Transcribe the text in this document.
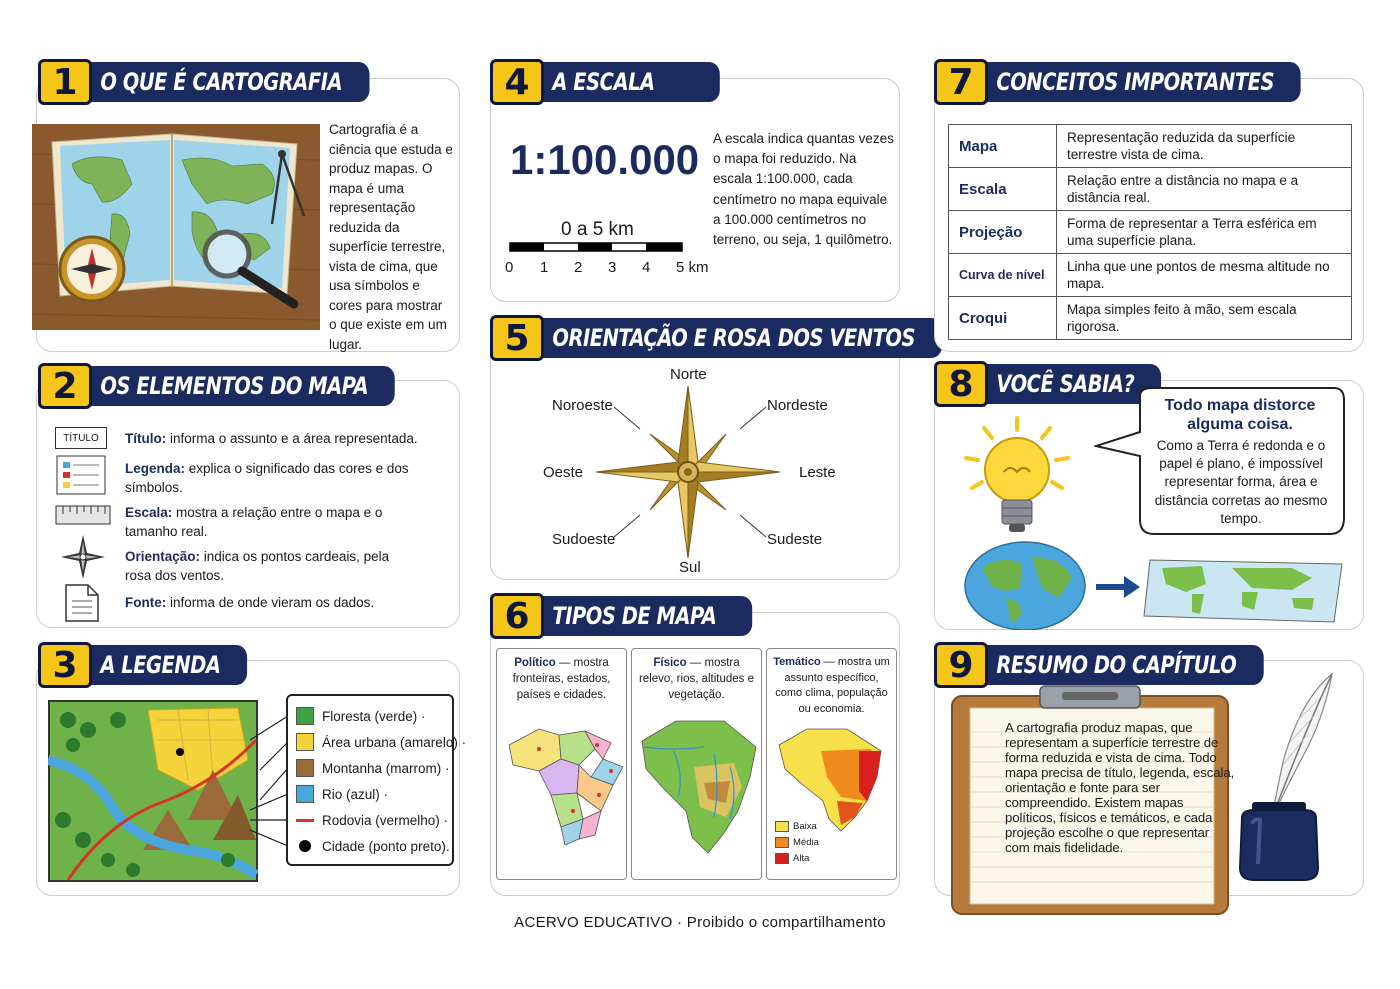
1 O QUE É CARTOGRAFIA
Cartografia é a ciência que estuda e produz mapas. O mapa é uma representação reduzida da superfície terrestre, vista de cima, que usa símbolos e cores para mostrar o que existe em um lugar.
2 OS ELEMENTOS DO MAPA
TÍTULO	Título: informa o assunto e a área representada.
Legenda: explica o significado das cores e dos símbolos.
Escala: mostra a relação entre o mapa e o tamanho real.
Orientação: indica os pontos cardeais, pela rosa dos ventos.
Fonte: informa de onde vieram os dados.
3 A LEGENDA
Floresta (verde) ·
Área urbana (amarelo) ·
Montanha (marrom) ·
Rio (azul) ·
Rodovia (vermelho) ·
Cidade (ponto preto).
4 A ESCALA
1:100.000
0 a 5 km
0 1 2 3 4 5 km
A escala indica quantas vezes o mapa foi reduzido. Na escala 1:100.000, cada centímetro no mapa equivale a 100.000 centímetros no terreno, ou seja, 1 quilômetro.
5 ORIENTAÇÃO E ROSA DOS VENTOS
Norte
Noroeste	Nordeste
Oeste	Leste
Sudoeste	Sudeste
Sul
6 TIPOS DE MAPA
Político — mostra fronteiras, estados, países e cidades.
Físico — mostra relevo, rios, altitudes e vegetação.
Temático — mostra um assunto específico, como clima, população ou economia.
Baixa
Média
Alta
7 CONCEITOS IMPORTANTES
Mapa	Representação reduzida da superfície terrestre vista de cima.
Escala	Relação entre a distância no mapa e a distância real.
Projeção	Forma de representar a Terra esférica em uma superfície plana.
Curva de nível	Linha que une pontos de mesma altitude no mapa.
Croqui	Mapa simples feito à mão, sem escala rigorosa.
8 VOCÊ SABIA?
Todo mapa distorce alguma coisa.
Como a Terra é redonda e o papel é plano, é impossível representar forma, área e distância corretas ao mesmo tempo.
9 RESUMO DO CAPÍTULO
A cartografia produz mapas, que representam a superfície terrestre de forma reduzida e vista de cima. Todo mapa precisa de título, legenda, escala, orientação e fonte para ser compreendido. Existem mapas políticos, físicos e temáticos, e cada projeção escolhe o que representar com mais fidelidade.
ACERVO EDUCATIVO · Proibido o compartilhamento
